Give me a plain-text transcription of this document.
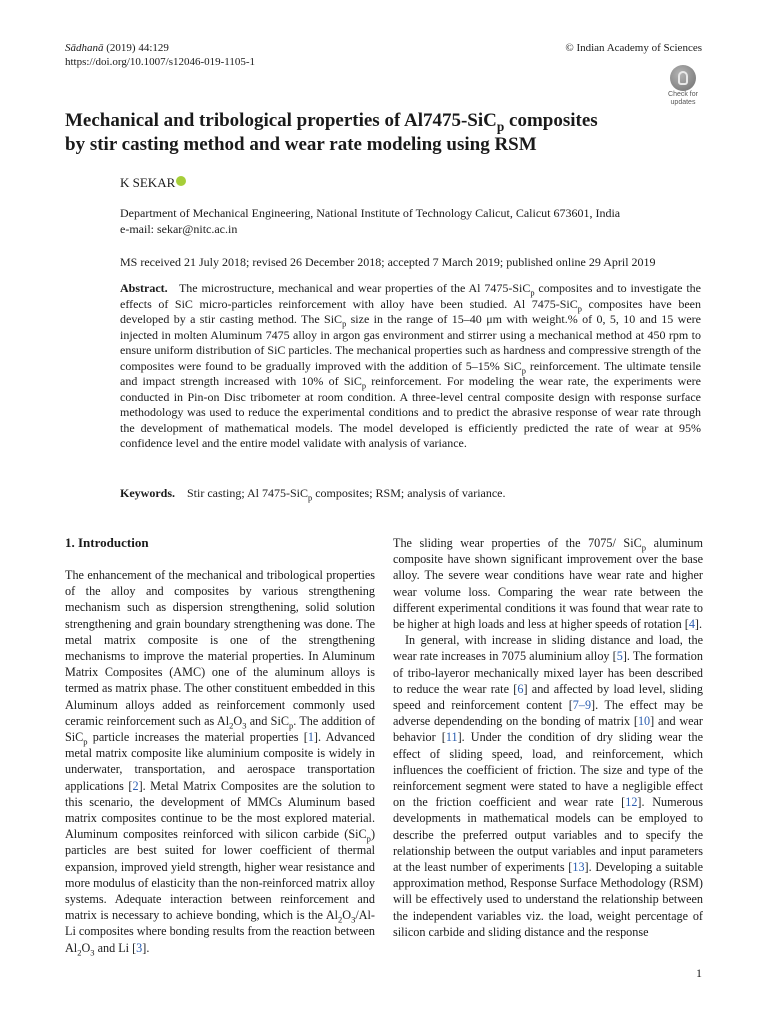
Sādhanā (2019) 44:129
https://doi.org/10.1007/s12046-019-1105-1
© Indian Academy of Sciences
Check for
updates
Mechanical and tribological properties of Al7475-SiC$_p$ composites
by stir casting method and wear rate modeling using RSM
K SEKAR
Department of Mechanical Engineering, National Institute of Technology Calicut, Calicut 673601, India
e-mail: sekar@nitc.ac.in
MS received 21 July 2018; revised 26 December 2018; accepted 7 March 2019; published online 29 April 2019
Abstract. The microstructure, mechanical and wear properties of the Al 7475-SiC$_p$ composites and to investigate the effects of SiC micro-particles reinforcement with alloy have been studied. Al 7475-SiC$_p$ composites have been developed by a stir casting method. The SiC$_p$ size in the range of 15–40 μm with weight.% of 0, 5, 10 and 15 were injected in molten Aluminum 7475 alloy in argon gas environment and stirrer using a mechanical method at 450 rpm to ensure uniform distribution of SiC particles. The mechanical properties such as hardness and compressive strength of the composites were found to be gradually improved with the addition of 5–15% SiC$_p$ reinforcement. The ultimate tensile and impact strength increased with 10% of SiC$_p$ reinforcement. For modeling the wear rate, the experiments were conducted in Pin-on Disc tribometer at room condition. A three-level central composite design with response surface methodology was used to reduce the experimental conditions and to predict the abrasive response of wear rate through the development of mathematical models. The model developed is efficiently predicted the rate of wear at 95% confidence level and the entire model validate with analysis of variance.
Keywords. Stir casting; Al 7475-SiC$_p$ composites; RSM; analysis of variance.
1. Introduction

The enhancement of the mechanical and tribological properties of the alloy and composites by various strengthening mechanism such as dispersion strengthening, solid solution strengthening and grain boundary strengthening was done. The metal matrix composite is one of the strengthening mechanisms to improve the material properties. In Aluminum Matrix Composites (AMC) one of the aluminum alloys is termed as matrix phase. The other constituent embedded in this Aluminum alloys added as reinforcement commonly used ceramic reinforcement such as $Al_2O_3$ and SiC$_p$. The addition of SiC$_p$ particle increases the material properties [1]. Advanced metal matrix composite like aluminium composite is widely in underwater, transportation, and aerospace transportation applications [2]. Metal Matrix Composites are the solution to this scenario, the development of MMCs Aluminum based matrix composites continue to be the most explored material. Aluminum composites reinforced with silicon carbide (SiC$_p$) particles are best suited for lower coefficient of thermal expansion, improved yield strength, higher wear resistance and more modulus of elasticity than the non-reinforced matrix alloy systems. Adequate interaction between reinforcement and matrix is necessary to achieve bonding, which is the $Al_2O_3/Al-Li$ composites where bonding results from the reaction between $Al_2O_3$ and Li [3].

The sliding wear properties of the 7075/ SiC$_p$ aluminum composite have shown significant improvement over the base alloy. The severe wear conditions have wear rate and higher wear volume loss. Comparing the wear rate between the different experimental conditions it was found that wear rate to be higher at high loads and less at higher speeds of rotation [4].

In general, with increase in sliding distance and load, the wear rate increases in 7075 aluminium alloy [5]. The formation of tribo-layeror mechanically mixed layer has been described to reduce the wear rate [6] and affected by load level, sliding speed and reinforcement content [7–9]. The effect may be adverse dependending on the bonding of matrix [10] and wear behavior [11]. Under the condition of dry sliding wear the effect of sliding speed, load, and reinforcement, which influences the coefficient of friction. The size and type of the reinforcement segment were stated to have a negligible effect on the friction coefficient and wear rate [12]. Numerous developments in mathematical models can be employed to describe the preferred output variables and to specify the relationship between the output variables and input parameters at the least number of experiments [13]. Developing a suitable approximation method, Response Surface Methodology (RSM) will be effectively used to understand the relationship between the independent variables viz. the load, weight percentage of silicon carbide and sliding distance and the response

1
